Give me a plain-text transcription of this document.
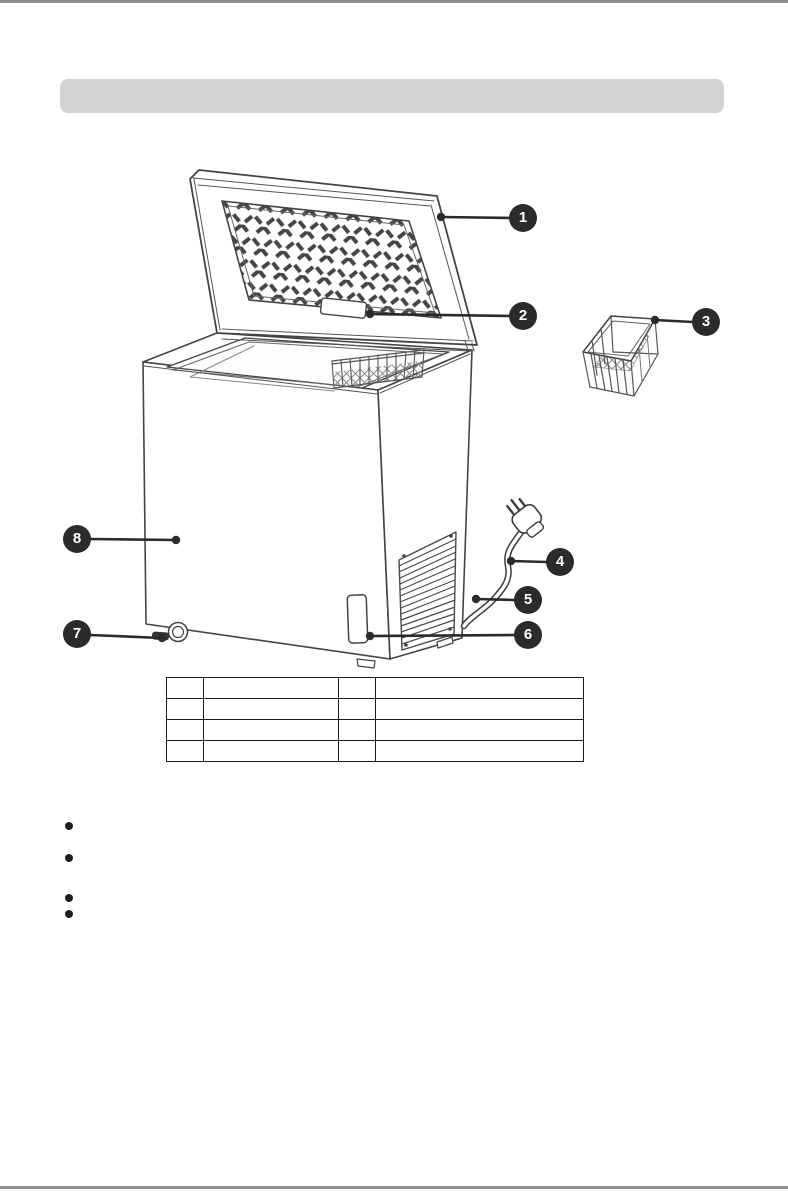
1
2	3
4
5
6
7
8
